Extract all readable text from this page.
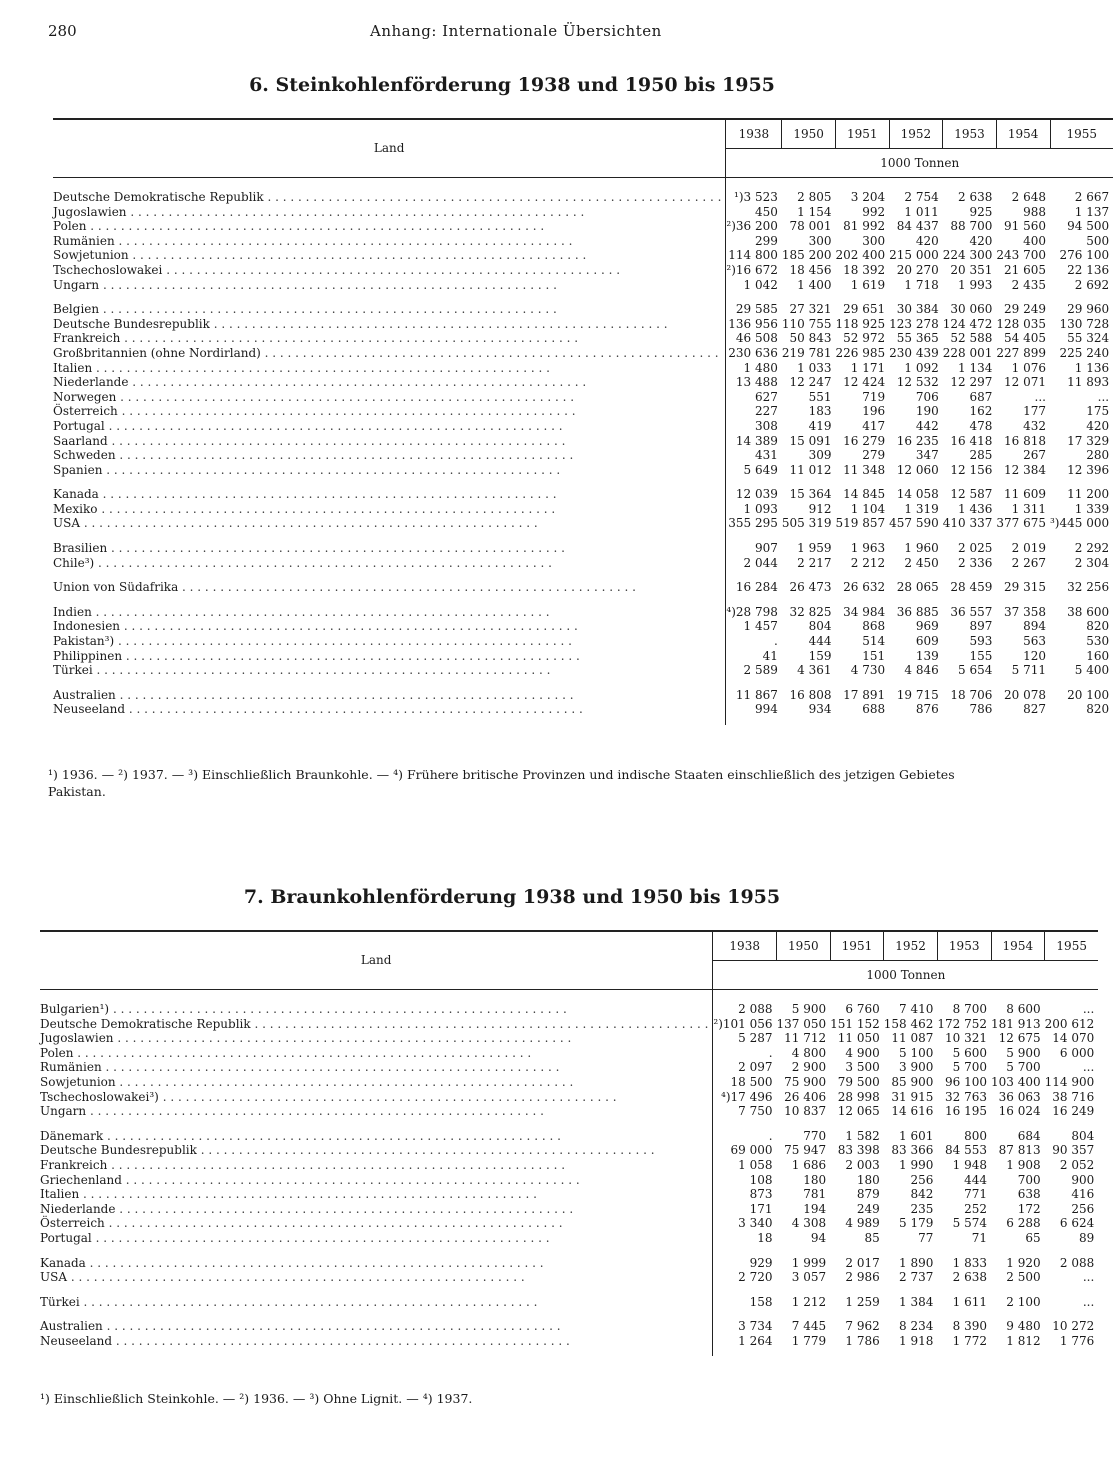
280	Anhang: Internationale Übersichten
6. Steinkohlenförderung 1938 und 1950 bis 1955
Land	1938	1950	1951	1952	1953	1954	1955
	1000 Tonnen						

Deutsche Demokratische Republik . . . . . . . . . . . . . . . . . . . . . . . . . . . . . . . . . . . . . . . . . . . . . . . . . . . . . . . . . . . .	¹)3 523	2 805	3 204	2 754	2 638	2 648	2 667
Jugoslawien . . . . . . . . . . . . . . . . . . . . . . . . . . . . . . . . . . . . . . . . . . . . . . . . . . . . . . . . . . . .	450	1 154	992	1 011	925	988	1 137
Polen . . . . . . . . . . . . . . . . . . . . . . . . . . . . . . . . . . . . . . . . . . . . . . . . . . . . . . . . . . . .	²)36 200	78 001	81 992	84 437	88 700	91 560	94 500
Rumänien . . . . . . . . . . . . . . . . . . . . . . . . . . . . . . . . . . . . . . . . . . . . . . . . . . . . . . . . . . . .	299	300	300	420	420	400	500
Sowjetunion . . . . . . . . . . . . . . . . . . . . . . . . . . . . . . . . . . . . . . . . . . . . . . . . . . . . . . . . . . . .	114 800	185 200	202 400	215 000	224 300	243 700	276 100
Tschechoslowakei . . . . . . . . . . . . . . . . . . . . . . . . . . . . . . . . . . . . . . . . . . . . . . . . . . . . . . . . . . . .	²)16 672	18 456	18 392	20 270	20 351	21 605	22 136
Ungarn . . . . . . . . . . . . . . . . . . . . . . . . . . . . . . . . . . . . . . . . . . . . . . . . . . . . . . . . . . . .	1 042	1 400	1 619	1 718	1 993	2 435	2 692

Belgien . . . . . . . . . . . . . . . . . . . . . . . . . . . . . . . . . . . . . . . . . . . . . . . . . . . . . . . . . . . .	29 585	27 321	29 651	30 384	30 060	29 249	29 960
Deutsche Bundesrepublik . . . . . . . . . . . . . . . . . . . . . . . . . . . . . . . . . . . . . . . . . . . . . . . . . . . . . . . . . . . .	136 956	110 755	118 925	123 278	124 472	128 035	130 728
Frankreich . . . . . . . . . . . . . . . . . . . . . . . . . . . . . . . . . . . . . . . . . . . . . . . . . . . . . . . . . . . .	46 508	50 843	52 972	55 365	52 588	54 405	55 324
Großbritannien (ohne Nordirland) . . . . . . . . . . . . . . . . . . . . . . . . . . . . . . . . . . . . . . . . . . . . . . . . . . . . . . . . . . . .	230 636	219 781	226 985	230 439	228 001	227 899	225 240
Italien . . . . . . . . . . . . . . . . . . . . . . . . . . . . . . . . . . . . . . . . . . . . . . . . . . . . . . . . . . . .	1 480	1 033	1 171	1 092	1 134	1 076	1 136
Niederlande . . . . . . . . . . . . . . . . . . . . . . . . . . . . . . . . . . . . . . . . . . . . . . . . . . . . . . . . . . . .	13 488	12 247	12 424	12 532	12 297	12 071	11 893
Norwegen . . . . . . . . . . . . . . . . . . . . . . . . . . . . . . . . . . . . . . . . . . . . . . . . . . . . . . . . . . . .	627	551	719	706	687	...	...
Österreich . . . . . . . . . . . . . . . . . . . . . . . . . . . . . . . . . . . . . . . . . . . . . . . . . . . . . . . . . . . .	227	183	196	190	162	177	175
Portugal . . . . . . . . . . . . . . . . . . . . . . . . . . . . . . . . . . . . . . . . . . . . . . . . . . . . . . . . . . . .	308	419	417	442	478	432	420
Saarland . . . . . . . . . . . . . . . . . . . . . . . . . . . . . . . . . . . . . . . . . . . . . . . . . . . . . . . . . . . .	14 389	15 091	16 279	16 235	16 418	16 818	17 329
Schweden . . . . . . . . . . . . . . . . . . . . . . . . . . . . . . . . . . . . . . . . . . . . . . . . . . . . . . . . . . . .	431	309	279	347	285	267	280
Spanien . . . . . . . . . . . . . . . . . . . . . . . . . . . . . . . . . . . . . . . . . . . . . . . . . . . . . . . . . . . .	5 649	11 012	11 348	12 060	12 156	12 384	12 396

Kanada . . . . . . . . . . . . . . . . . . . . . . . . . . . . . . . . . . . . . . . . . . . . . . . . . . . . . . . . . . . .	12 039	15 364	14 845	14 058	12 587	11 609	11 200
Mexiko . . . . . . . . . . . . . . . . . . . . . . . . . . . . . . . . . . . . . . . . . . . . . . . . . . . . . . . . . . . .	1 093	912	1 104	1 319	1 436	1 311	1 339
USA . . . . . . . . . . . . . . . . . . . . . . . . . . . . . . . . . . . . . . . . . . . . . . . . . . . . . . . . . . . .	355 295	505 319	519 857	457 590	410 337	377 675	³)445 000

Brasilien . . . . . . . . . . . . . . . . . . . . . . . . . . . . . . . . . . . . . . . . . . . . . . . . . . . . . . . . . . . .	907	1 959	1 963	1 960	2 025	2 019	2 292
Chile³) . . . . . . . . . . . . . . . . . . . . . . . . . . . . . . . . . . . . . . . . . . . . . . . . . . . . . . . . . . . .	2 044	2 217	2 212	2 450	2 336	2 267	2 304

Union von Südafrika . . . . . . . . . . . . . . . . . . . . . . . . . . . . . . . . . . . . . . . . . . . . . . . . . . . . . . . . . . . .	16 284	26 473	26 632	28 065	28 459	29 315	32 256

Indien . . . . . . . . . . . . . . . . . . . . . . . . . . . . . . . . . . . . . . . . . . . . . . . . . . . . . . . . . . . .	⁴)28 798	32 825	34 984	36 885	36 557	37 358	38 600
Indonesien . . . . . . . . . . . . . . . . . . . . . . . . . . . . . . . . . . . . . . . . . . . . . . . . . . . . . . . . . . . .	1 457	804	868	969	897	894	820
Pakistan³) . . . . . . . . . . . . . . . . . . . . . . . . . . . . . . . . . . . . . . . . . . . . . . . . . . . . . . . . . . . .	.	444	514	609	593	563	530
Philippinen . . . . . . . . . . . . . . . . . . . . . . . . . . . . . . . . . . . . . . . . . . . . . . . . . . . . . . . . . . . .	41	159	151	139	155	120	160
Türkei . . . . . . . . . . . . . . . . . . . . . . . . . . . . . . . . . . . . . . . . . . . . . . . . . . . . . . . . . . . .	2 589	4 361	4 730	4 846	5 654	5 711	5 400

Australien . . . . . . . . . . . . . . . . . . . . . . . . . . . . . . . . . . . . . . . . . . . . . . . . . . . . . . . . . . . .	11 867	16 808	17 891	19 715	18 706	20 078	20 100
Neuseeland . . . . . . . . . . . . . . . . . . . . . . . . . . . . . . . . . . . . . . . . . . . . . . . . . . . . . . . . . . . .	994	934	688	876	786	827	820

¹) 1936. — ²) 1937. — ³) Einschließlich Braunkohle. — ⁴) Frühere britische Provinzen und indische Staaten einschließlich des jetzigen Gebietes Pakistan.
7. Braunkohlenförderung 1938 und 1950 bis 1955
Land	1938	1950	1951	1952	1953	1954	1955
	1000 Tonnen						

Bulgarien¹) . . . . . . . . . . . . . . . . . . . . . . . . . . . . . . . . . . . . . . . . . . . . . . . . . . . . . . . . . . . .	2 088	5 900	6 760	7 410	8 700	8 600	...
Deutsche Demokratische Republik . . . . . . . . . . . . . . . . . . . . . . . . . . . . . . . . . . . . . . . . . . . . . . . . . . . . . . . . . . . .	²)101 056	137 050	151 152	158 462	172 752	181 913	200 612
Jugoslawien . . . . . . . . . . . . . . . . . . . . . . . . . . . . . . . . . . . . . . . . . . . . . . . . . . . . . . . . . . . .	5 287	11 712	11 050	11 087	10 321	12 675	14 070
Polen . . . . . . . . . . . . . . . . . . . . . . . . . . . . . . . . . . . . . . . . . . . . . . . . . . . . . . . . . . . .	.	4 800	4 900	5 100	5 600	5 900	6 000
Rumänien . . . . . . . . . . . . . . . . . . . . . . . . . . . . . . . . . . . . . . . . . . . . . . . . . . . . . . . . . . . .	2 097	2 900	3 500	3 900	5 700	5 700	...
Sowjetunion . . . . . . . . . . . . . . . . . . . . . . . . . . . . . . . . . . . . . . . . . . . . . . . . . . . . . . . . . . . .	18 500	75 900	79 500	85 900	96 100	103 400	114 900
Tschechoslowakei³) . . . . . . . . . . . . . . . . . . . . . . . . . . . . . . . . . . . . . . . . . . . . . . . . . . . . . . . . . . . .	⁴)17 496	26 406	28 998	31 915	32 763	36 063	38 716
Ungarn . . . . . . . . . . . . . . . . . . . . . . . . . . . . . . . . . . . . . . . . . . . . . . . . . . . . . . . . . . . .	7 750	10 837	12 065	14 616	16 195	16 024	16 249

Dänemark . . . . . . . . . . . . . . . . . . . . . . . . . . . . . . . . . . . . . . . . . . . . . . . . . . . . . . . . . . . .	.	770	1 582	1 601	800	684	804
Deutsche Bundesrepublik . . . . . . . . . . . . . . . . . . . . . . . . . . . . . . . . . . . . . . . . . . . . . . . . . . . . . . . . . . . .	69 000	75 947	83 398	83 366	84 553	87 813	90 357
Frankreich . . . . . . . . . . . . . . . . . . . . . . . . . . . . . . . . . . . . . . . . . . . . . . . . . . . . . . . . . . . .	1 058	1 686	2 003	1 990	1 948	1 908	2 052
Griechenland . . . . . . . . . . . . . . . . . . . . . . . . . . . . . . . . . . . . . . . . . . . . . . . . . . . . . . . . . . . .	108	180	180	256	444	700	900
Italien . . . . . . . . . . . . . . . . . . . . . . . . . . . . . . . . . . . . . . . . . . . . . . . . . . . . . . . . . . . .	873	781	879	842	771	638	416
Niederlande . . . . . . . . . . . . . . . . . . . . . . . . . . . . . . . . . . . . . . . . . . . . . . . . . . . . . . . . . . . .	171	194	249	235	252	172	256
Österreich . . . . . . . . . . . . . . . . . . . . . . . . . . . . . . . . . . . . . . . . . . . . . . . . . . . . . . . . . . . .	3 340	4 308	4 989	5 179	5 574	6 288	6 624
Portugal . . . . . . . . . . . . . . . . . . . . . . . . . . . . . . . . . . . . . . . . . . . . . . . . . . . . . . . . . . . .	18	94	85	77	71	65	89

Kanada . . . . . . . . . . . . . . . . . . . . . . . . . . . . . . . . . . . . . . . . . . . . . . . . . . . . . . . . . . . .	929	1 999	2 017	1 890	1 833	1 920	2 088
USA . . . . . . . . . . . . . . . . . . . . . . . . . . . . . . . . . . . . . . . . . . . . . . . . . . . . . . . . . . . .	2 720	3 057	2 986	2 737	2 638	2 500	...

Türkei . . . . . . . . . . . . . . . . . . . . . . . . . . . . . . . . . . . . . . . . . . . . . . . . . . . . . . . . . . . .	158	1 212	1 259	1 384	1 611	2 100	...

Australien . . . . . . . . . . . . . . . . . . . . . . . . . . . . . . . . . . . . . . . . . . . . . . . . . . . . . . . . . . . .	3 734	7 445	7 962	8 234	8 390	9 480	10 272
Neuseeland . . . . . . . . . . . . . . . . . . . . . . . . . . . . . . . . . . . . . . . . . . . . . . . . . . . . . . . . . . . .	1 264	1 779	1 786	1 918	1 772	1 812	1 776

¹) Einschließlich Steinkohle. — ²) 1936. — ³) Ohne Lignit. — ⁴) 1937.
